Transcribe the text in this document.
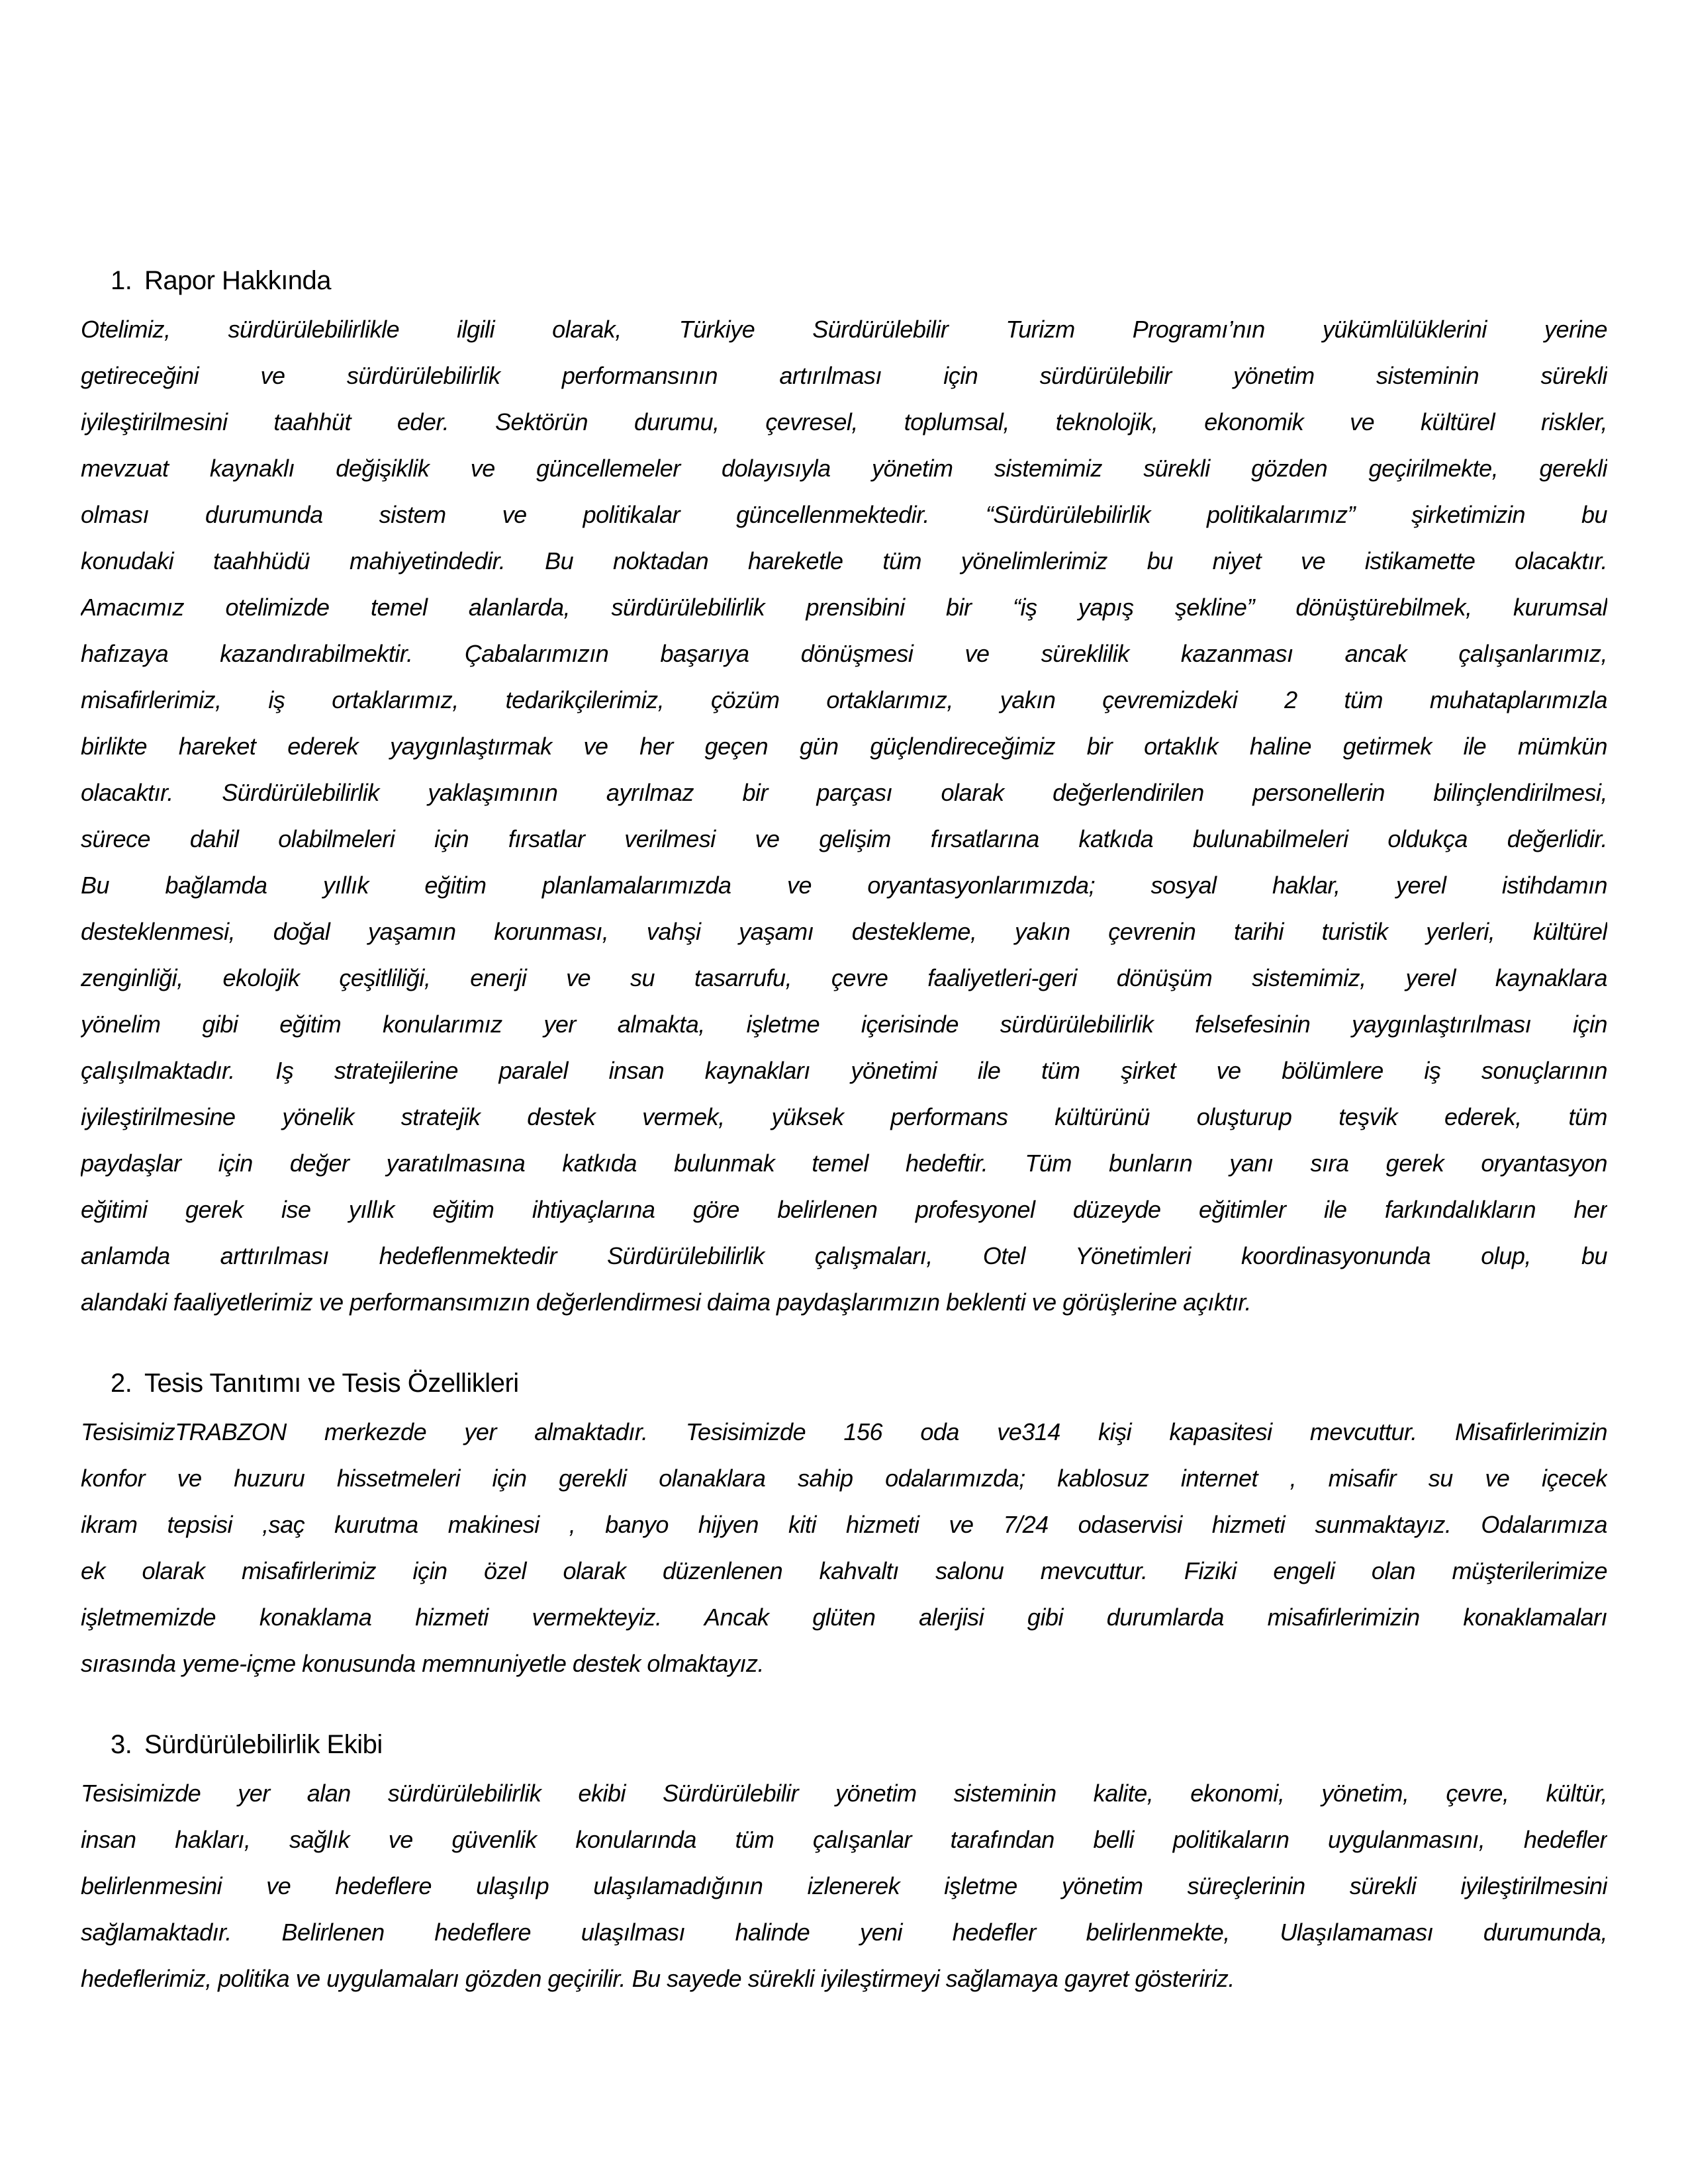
1. Rapor Hakkında
Otelimiz, sürdürülebilirlikle ilgili olarak, Türkiye Sürdürülebilir Turizm Programı’nın yükümlülüklerini yerine
getireceğini ve sürdürülebilirlik performansının artırılması için sürdürülebilir yönetim sisteminin sürekli
iyileştirilmesini taahhüt eder. Sektörün durumu, çevresel, toplumsal, teknolojik, ekonomik ve kültürel riskler,
mevzuat kaynaklı değişiklik ve güncellemeler dolayısıyla yönetim sistemimiz sürekli gözden geçirilmekte, gerekli
olması durumunda sistem ve politikalar güncellenmektedir. “Sürdürülebilirlik politikalarımız” şirketimizin bu
konudaki taahhüdü mahiyetindedir. Bu noktadan hareketle tüm yönelimlerimiz bu niyet ve istikamette olacaktır.
Amacımız otelimizde temel alanlarda, sürdürülebilirlik prensibini bir “iş yapış şekline” dönüştürebilmek, kurumsal
hafızaya kazandırabilmektir. Çabalarımızın başarıya dönüşmesi ve süreklilik kazanması ancak çalışanlarımız,
misafirlerimiz, iş ortaklarımız, tedarikçilerimiz, çözüm ortaklarımız, yakın çevremizdeki 2 tüm muhataplarımızla
birlikte hareket ederek yaygınlaştırmak ve her geçen gün güçlendireceğimiz bir ortaklık haline getirmek ile mümkün
olacaktır. Sürdürülebilirlik yaklaşımının ayrılmaz bir parçası olarak değerlendirilen personellerin bilinçlendirilmesi,
sürece dahil olabilmeleri için fırsatlar verilmesi ve gelişim fırsatlarına katkıda bulunabilmeleri oldukça değerlidir.
Bu bağlamda yıllık eğitim planlamalarımızda ve oryantasyonlarımızda; sosyal haklar, yerel istihdamın
desteklenmesi, doğal yaşamın korunması, vahşi yaşamı destekleme, yakın çevrenin tarihi turistik yerleri, kültürel
zenginliği, ekolojik çeşitliliği, enerji ve su tasarrufu, çevre faaliyetleri-geri dönüşüm sistemimiz, yerel kaynaklara
yönelim gibi eğitim konularımız yer almakta, işletme içerisinde sürdürülebilirlik felsefesinin yaygınlaştırılması için
çalışılmaktadır. Iş stratejilerine paralel insan kaynakları yönetimi ile tüm şirket ve bölümlere iş sonuçlarının
iyileştirilmesine yönelik stratejik destek vermek, yüksek performans kültürünü oluşturup teşvik ederek, tüm
paydaşlar için değer yaratılmasına katkıda bulunmak temel hedeftir. Tüm bunların yanı sıra gerek oryantasyon
eğitimi gerek ise yıllık eğitim ihtiyaçlarına göre belirlenen profesyonel düzeyde eğitimler ile farkındalıkların her
anlamda arttırılması hedeflenmektedir Sürdürülebilirlik çalışmaları, Otel Yönetimleri koordinasyonunda olup, bu
alandaki faaliyetlerimiz ve performansımızın değerlendirmesi daima paydaşlarımızın beklenti ve görüşlerine açıktır.
2. Tesis Tanıtımı ve Tesis Özellikleri
TesisimizTRABZON merkezde yer almaktadır. Tesisimizde 156 oda ve314 kişi kapasitesi mevcuttur. Misafirlerimizin
konfor ve huzuru hissetmeleri için gerekli olanaklara sahip odalarımızda; kablosuz internet , misafir su ve içecek
ikram tepsisi ,saç kurutma makinesi , banyo hijyen kiti hizmeti ve 7/24 odaservisi hizmeti sunmaktayız. Odalarımıza
ek olarak misafirlerimiz için özel olarak düzenlenen kahvaltı salonu mevcuttur. Fiziki engeli olan müşterilerimize
işletmemizde konaklama hizmeti vermekteyiz. Ancak glüten alerjisi gibi durumlarda misafirlerimizin konaklamaları
sırasında yeme-içme konusunda memnuniyetle destek olmaktayız.
3. Sürdürülebilirlik Ekibi
Tesisimizde yer alan sürdürülebilirlik ekibi Sürdürülebilir yönetim sisteminin kalite, ekonomi, yönetim, çevre, kültür,
insan hakları, sağlık ve güvenlik konularında tüm çalışanlar tarafından belli politikaların uygulanmasını, hedefler
belirlenmesini ve hedeflere ulaşılıp ulaşılamadığının izlenerek işletme yönetim süreçlerinin sürekli iyileştirilmesini
sağlamaktadır. Belirlenen hedeflere ulaşılması halinde yeni hedefler belirlenmekte, Ulaşılamaması durumunda,
hedeflerimiz, politika ve uygulamaları gözden geçirilir. Bu sayede sürekli iyileştirmeyi sağlamaya gayret gösteririz.
